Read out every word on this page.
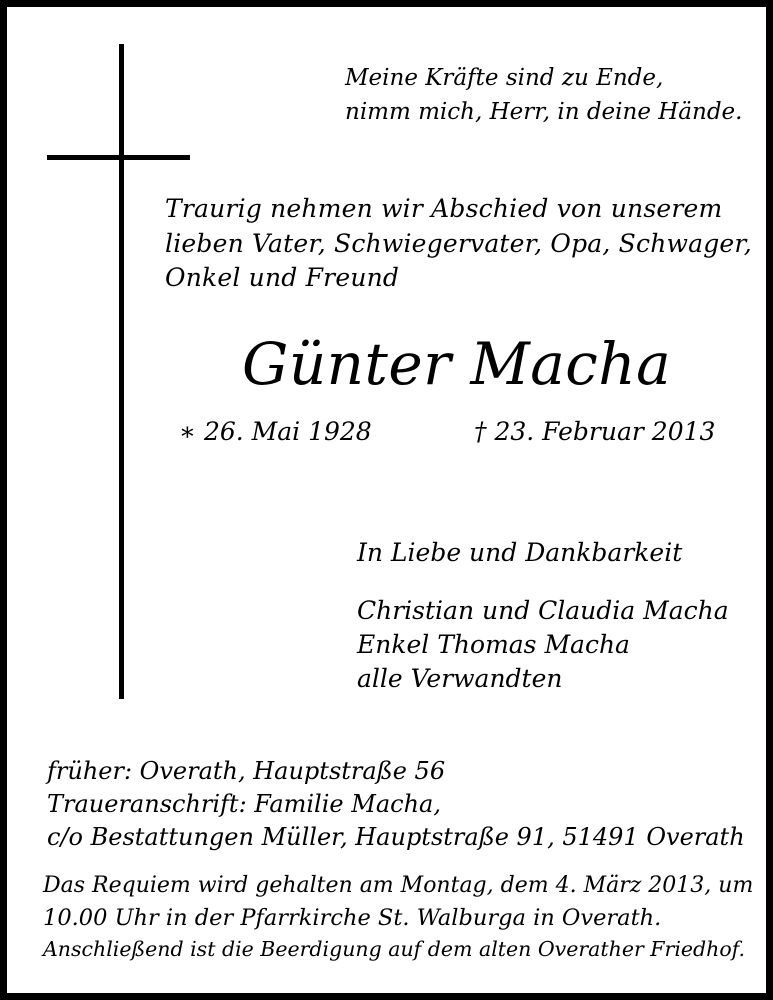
Meine Kräfte sind zu Ende,
nimm mich, Herr, in deine Hände.
Traurig nehmen wir Abschied von unserem
lieben Vater, Schwiegervater, Opa, Schwager,
Onkel und Freund
Günter Macha
∗ 26. Mai 1928	† 23. Februar 2013
In Liebe und Dankbarkeit
Christian und Claudia Macha
Enkel Thomas Macha
alle Verwandten
früher: Overath, Hauptstraße 56
Traueranschrift: Familie Macha,
c/o Bestattungen Müller, Hauptstraße 91, 51491 Overath
Das Requiem wird gehalten am Montag, dem 4. März 2013, um
10.00 Uhr in der Pfarrkirche St. Walburga in Overath.
Anschließend ist die Beerdigung auf dem alten Overather Friedhof.
